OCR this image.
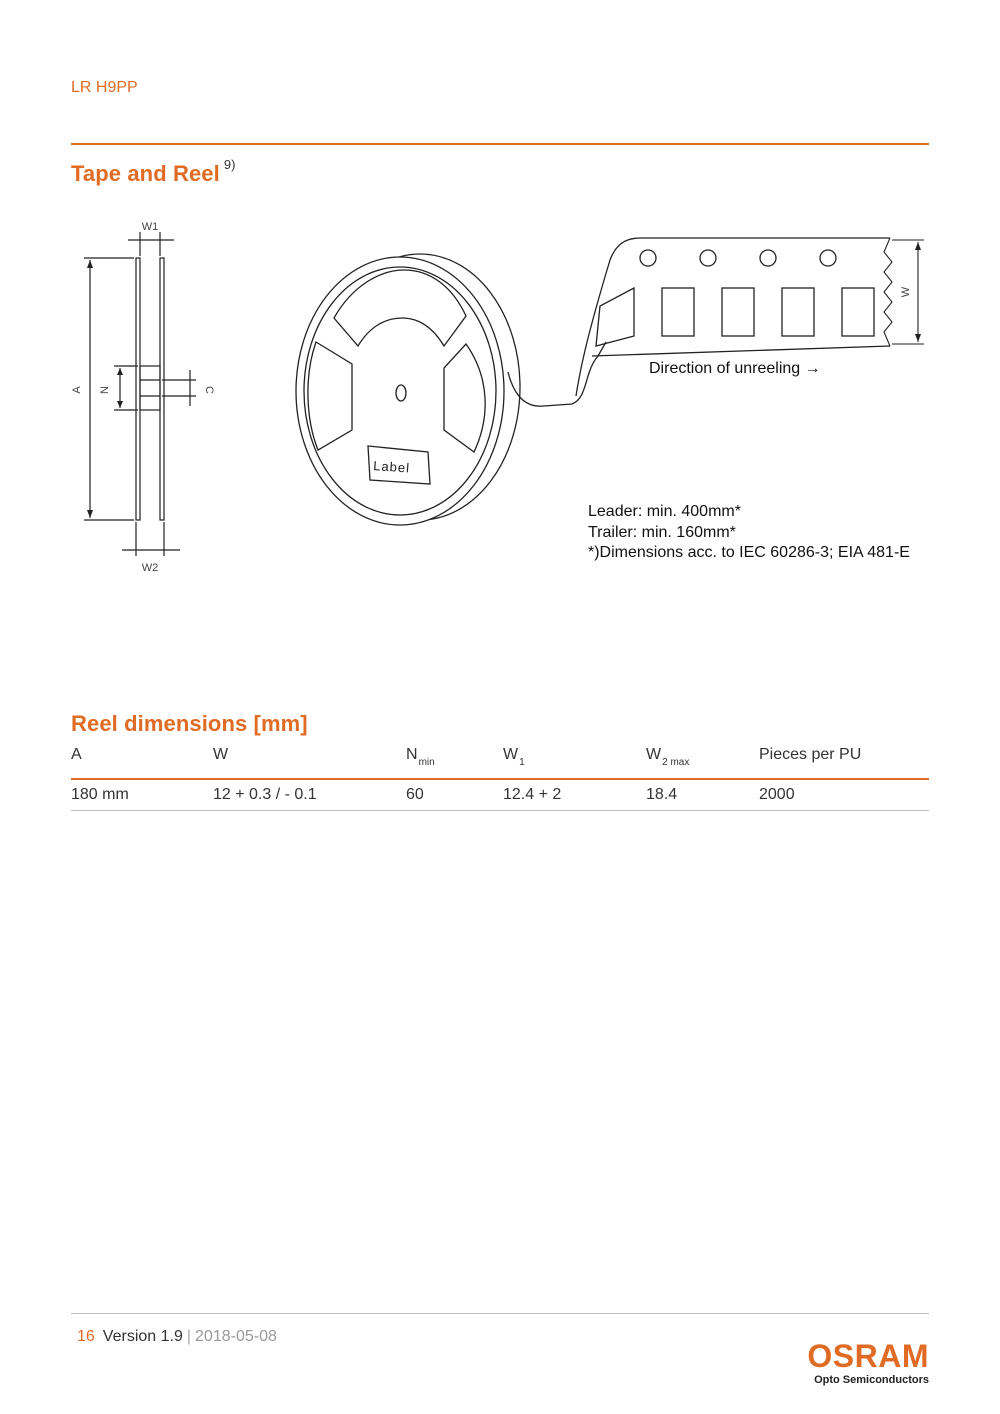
LR H9PP
Tape and Reel $^{9)}$
W1
W2
A N	C
W
Label
Direction of unreeling →
Leader: min. 400mm*
Trailer: min. 160mm*
*)Dimensions acc. to IEC 60286-3; EIA 481-E
Reel dimensions [mm]
A	W	$N_{min}$	$W_1$	$W_{2 max}$	Pieces per PU
180 mm	12 + 0.3 / - 0.1	60	12.4 + 2	18.4	2000
16 Version 1.9 | 2018-05-08
OSRAM
Opto Semiconductors
